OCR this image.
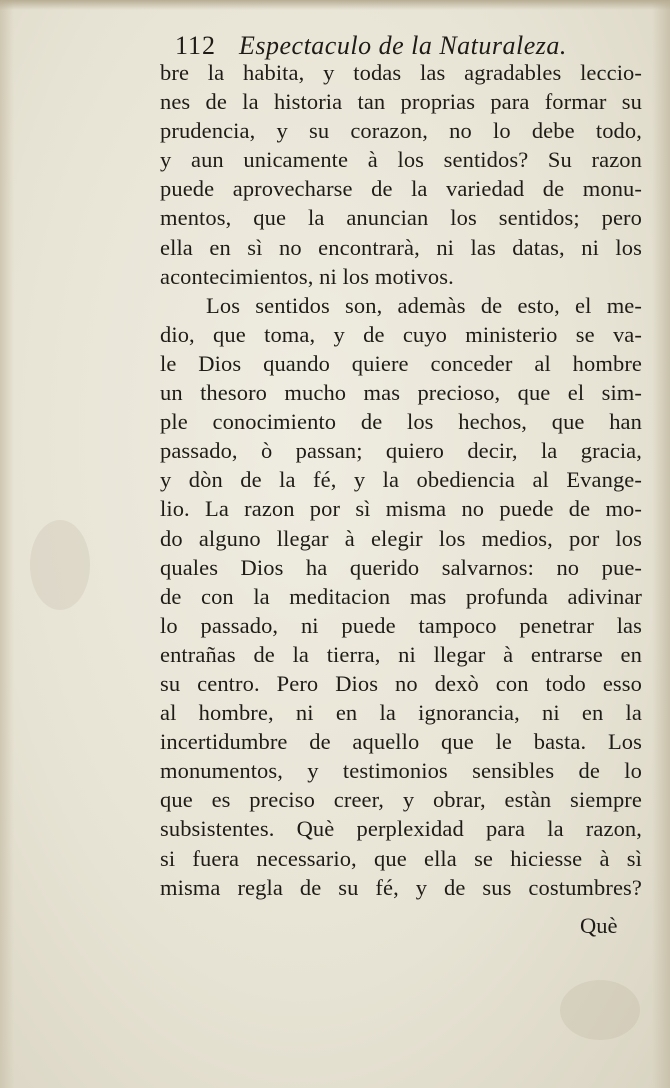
112 Espectaculo de la Naturaleza.
bre la habita, y todas las agradables leccio-
nes de la historia tan proprias para formar su
prudencia, y su corazon, no lo debe todo,
y aun unicamente à los sentidos? Su razon
puede aprovecharse de la variedad de monu-
mentos, que la anuncian los sentidos; pero
ella en sì no encontrarà, ni las datas, ni los
acontecimientos, ni los motivos.
Los sentidos son, ademàs de esto, el me-
dio, que toma, y de cuyo ministerio se va-
le Dios quando quiere conceder al hombre
un thesoro mucho mas precioso, que el sim-
ple conocimiento de los hechos, que han
passado, ò passan; quiero decir, la gracia,
y dòn de la fé, y la obediencia al Evange-
lio. La razon por sì misma no puede de mo-
do alguno llegar à elegir los medios, por los
quales Dios ha querido salvarnos: no pue-
de con la meditacion mas profunda adivinar
lo passado, ni puede tampoco penetrar las
entrañas de la tierra, ni llegar à entrarse en
su centro. Pero Dios no dexò con todo esso
al hombre, ni en la ignorancia, ni en la
incertidumbre de aquello que le basta. Los
monumentos, y testimonios sensibles de lo
que es preciso creer, y obrar, estàn siempre
subsistentes. Què perplexidad para la razon,
si fuera necessario, que ella se hiciesse à sì
misma regla de su fé, y de sus costumbres?
Què
